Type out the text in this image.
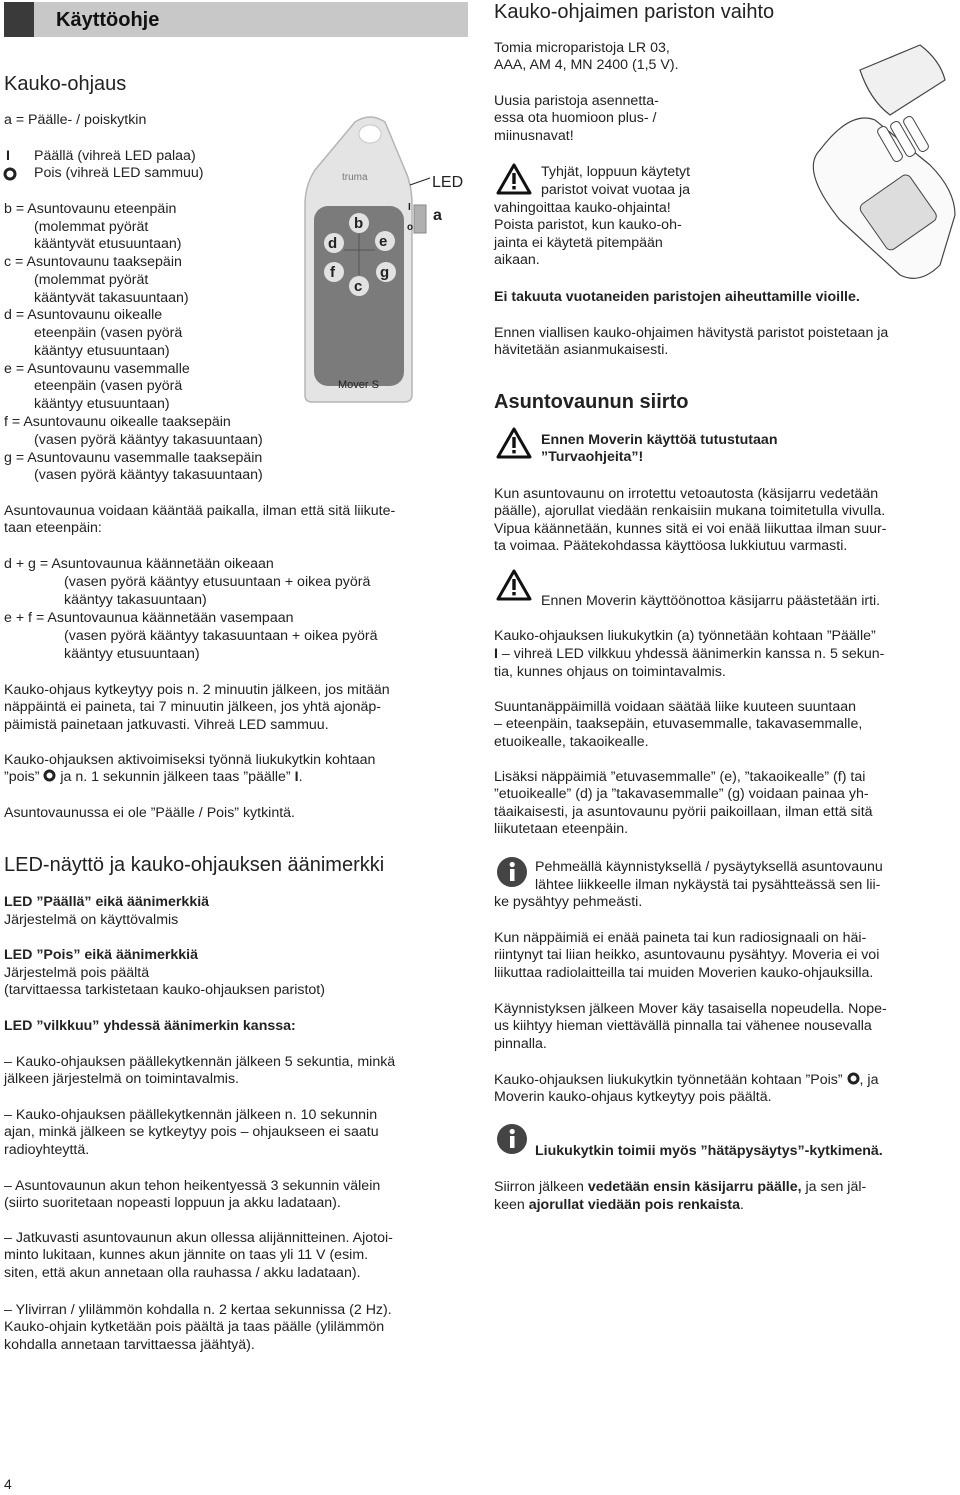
Käyttöohje
Kauko-ohjaus
a = Päälle- / poiskytkin
I Päällä (vihreä LED palaa)
Pois (vihreä LED sammuu)
b = Asuntovaunu eteenpäin
(molemmat pyörät
kääntyvät etusuuntaan)
c = Asuntovaunu taaksepäin
(molemmat pyörät
kääntyvät takasuuntaan)
d = Asuntovaunu oikealle
eteenpäin (vasen pyörä
kääntyy etusuuntaan)
e = Asuntovaunu vasemmalle
eteenpäin (vasen pyörä
kääntyy etusuuntaan)
f = Asuntovaunu oikealle taaksepäin
(vasen pyörä kääntyy takasuuntaan)
g = Asuntovaunu vasemmalle taaksepäin
(vasen pyörä kääntyy takasuuntaan)
Asuntovaunua voidaan kääntää paikalla, ilman että sitä liikute-
taan eteenpäin:
d + g = Asuntovaunua käännetään oikeaan
(vasen pyörä kääntyy etusuuntaan + oikea pyörä
kääntyy takasuuntaan)
e + f = Asuntovaunua käännetään vasempaan
(vasen pyörä kääntyy takasuuntaan + oikea pyörä
kääntyy etusuuntaan)
Kauko-ohjaus kytkeytyy pois n. 2 minuutin jälkeen, jos mitään
näppäintä ei paineta, tai 7 minuutin jälkeen, jos yhtä ajonäp-
päimistä painetaan jatkuvasti. Vihreä LED sammuu.
Kauko-ohjauksen aktivoimiseksi työnnä liukukytkin kohtaan
”pois”  ja n. 1 sekunnin jälkeen taas ”päälle” I.
Asuntovaunussa ei ole ”Päälle / Pois” kytkintä.
LED-näyttö ja kauko-ohjauksen äänimerkki
LED ”Päällä” eikä äänimerkkiä
Järjestelmä on käyttövalmis
LED ”Pois” eikä äänimerkkiä
Järjestelmä pois päältä
(tarvittaessa tarkistetaan kauko-ohjauksen paristot)
LED ”vilkkuu” yhdessä äänimerkin kanssa:
– Kauko-ohjauksen päällekytkennän jälkeen 5 sekuntia, minkä
jälkeen järjestelmä on toimintavalmis.
– Kauko-ohjauksen päällekytkennän jälkeen n. 10 sekunnin
ajan, minkä jälkeen se kytkeytyy pois – ohjaukseen ei saatu
radioyhteyttä.
– Asuntovaunun akun tehon heikentyessä 3 sekunnin välein
(siirto suoritetaan nopeasti loppuun ja akku ladataan).
– Jatkuvasti asuntovaunun akun ollessa alijännitteinen. Ajotoi-
minto lukitaan, kunnes akun jännite on taas yli 11 V (esim.
siten, että akun annetaan olla rauhassa / akku ladataan).
– Ylivirran / ylilämmön kohdalla n. 2 kertaa sekunnissa (2 Hz).
Kauko-ohjain kytketään pois päältä ja taas päälle (ylilämmön
kohdalla annetaan tarvittaessa jäähtyä).
4
truma
b
d	e
f	g
c
Mover S
I
o
LED
a
Kauko-ohjaimen pariston vaihto
Tomia microparistoja LR 03,
AAA, AM 4, MN 2400 (1,5 V).
Uusia paristoja asennetta-
essa ota huomioon plus- /
miinusnavat!
Tyhjät, loppuun käytetyt
paristot voivat vuotaa ja
vahingoittaa kauko-ohjainta!
Poista paristot, kun kauko-oh-
jainta ei käytetä pitempään
aikaan.
Ei takuuta vuotaneiden paristojen aiheuttamille vioille.
Ennen viallisen kauko-ohjaimen hävitystä paristot poistetaan ja
hävitetään asianmukaisesti.
Asuntovaunun siirto
Ennen Moverin käyttöä tutustutaan
”Turvaohjeita”!
Kun asuntovaunu on irrotettu vetoautosta (käsijarru vedetään
päälle), ajorullat viedään renkaisiin mukana toimitetulla vivulla.
Vipua käännetään, kunnes sitä ei voi enää liikuttaa ilman suur-
ta voimaa. Päätekohdassa käyttöosa lukkiutuu varmasti.
Ennen Moverin käyttöönottoa käsijarru päästetään irti.
Kauko-ohjauksen liukukytkin (a) työnnetään kohtaan ”Päälle”
I – vihreä LED vilkkuu yhdessä äänimerkin kanssa n. 5 sekun-
tia, kunnes ohjaus on toimintavalmis.
Suuntanäppäimillä voidaan säätää liike kuuteen suuntaan
– eteenpäin, taaksepäin, etuvasemmalle, takavasemmalle,
etuoikealle, takaoikealle.
Lisäksi näppäimiä ”etuvasemmalle” (e), ”takaoikealle” (f) tai
”etuoikealle” (d) ja ”takavasemmalle” (g) voidaan painaa yh-
täaikaisesti, ja asuntovaunu pyörii paikoillaan, ilman että sitä
liikutetaan eteenpäin.
Pehmeällä käynnistyksellä / pysäytyksellä asuntovaunu
lähtee liikkeelle ilman nykäystä tai pysähtteässä sen lii-
ke pysähtyy pehmeästi.
Kun näppäimiä ei enää paineta tai kun radiosignaali on häi-
riintynyt tai liian heikko, asuntovaunu pysähtyy. Moveria ei voi
liikuttaa radiolaitteilla tai muiden Moverien kauko-ohjauksilla.
Käynnistyksen jälkeen Mover käy tasaisella nopeudella. Nope-
us kiihtyy hieman viettävällä pinnalla tai vähenee nousevalla
pinnalla.
Kauko-ohjauksen liukukytkin työnnetään kohtaan ”Pois” , ja
Moverin kauko-ohjaus kytkeytyy pois päältä.
Liukukytkin toimii myös ”hätäpysäytys”-kytkimenä.
Siirron jälkeen vedetään ensin käsijarru päälle, ja sen jäl-
keen ajorullat viedään pois renkaista.
